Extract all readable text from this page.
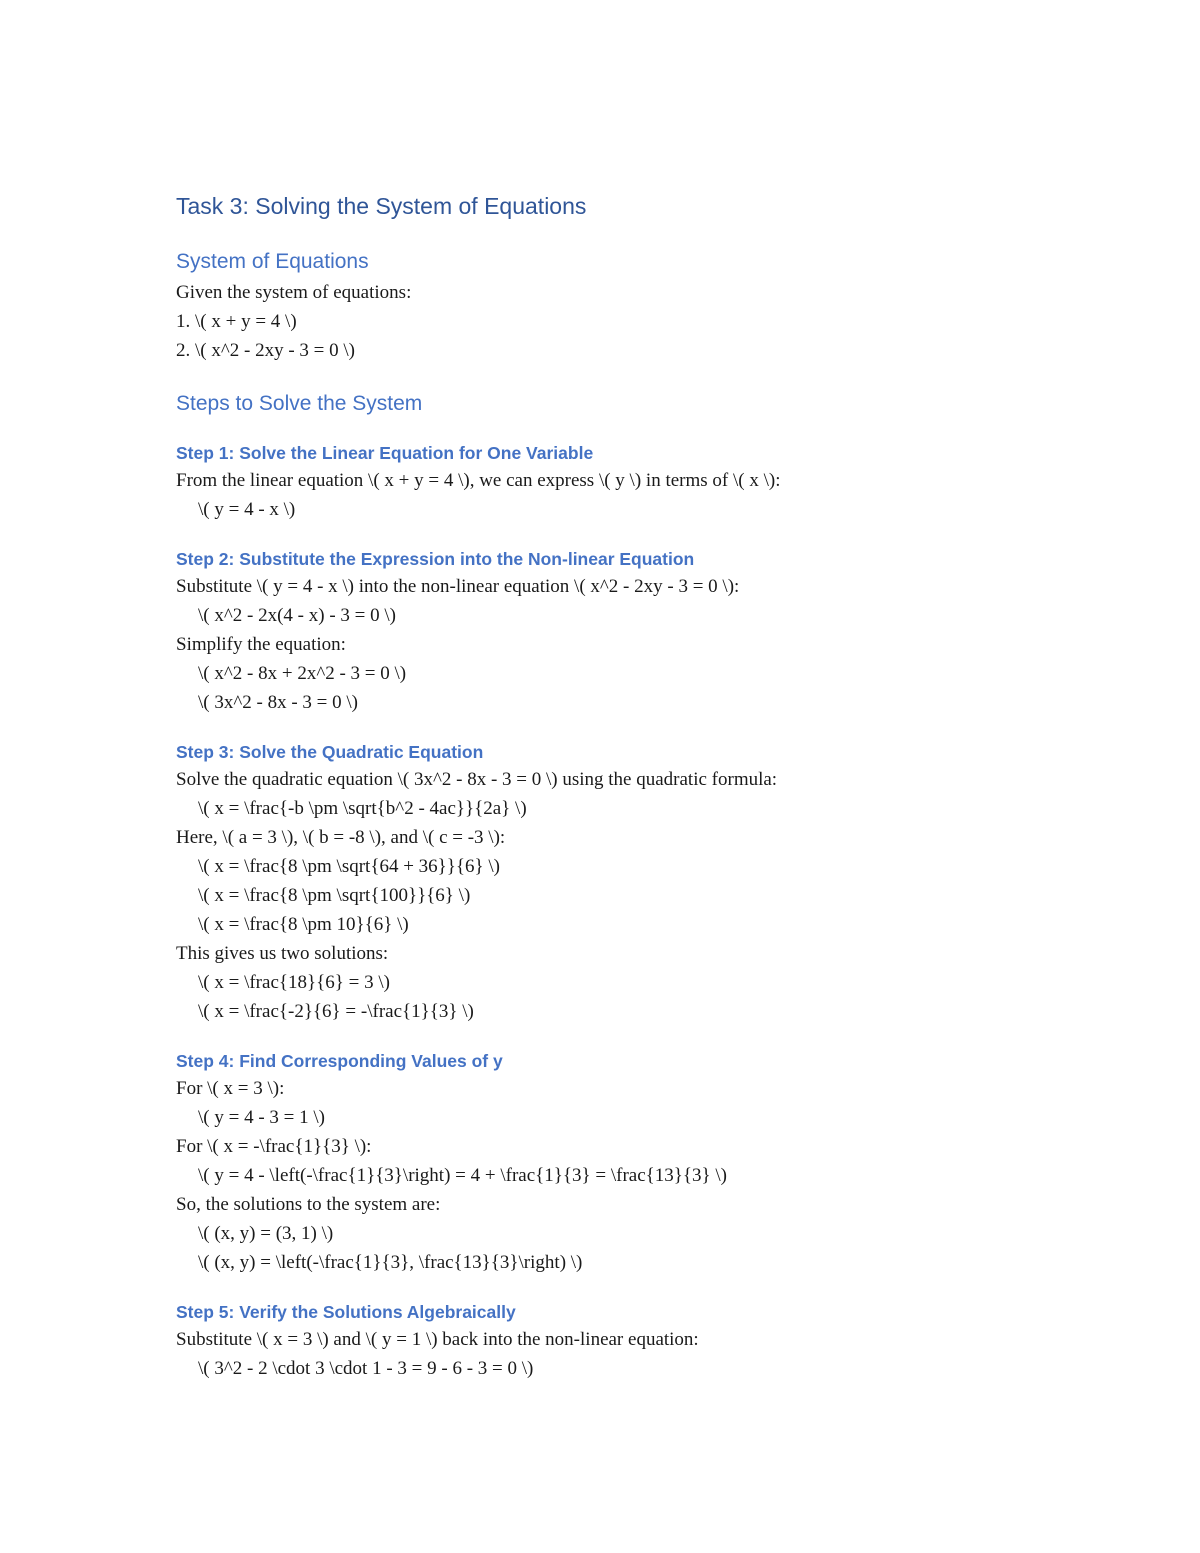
Task 3: Solving the System of Equations
System of Equations

Given the system of equations:

1. \( x + y = 4 \)

2. \( x^2 - 2xy - 3 = 0 \)

Steps to Solve the System
Step 1: Solve the Linear Equation for One Variable

From the linear equation \( x + y = 4 \), we can express \( y \) in terms of \( x \):

\( y = 4 - x \)

Step 2: Substitute the Expression into the Non-linear Equation

Substitute \( y = 4 - x \) into the non-linear equation \( x^2 - 2xy - 3 = 0 \):

\( x^2 - 2x(4 - x) - 3 = 0 \)

Simplify the equation:

\( x^2 - 8x + 2x^2 - 3 = 0 \)

\( 3x^2 - 8x - 3 = 0 \)

Step 3: Solve the Quadratic Equation

Solve the quadratic equation \( 3x^2 - 8x - 3 = 0 \) using the quadratic formula:

\( x = \frac{-b \pm \sqrt{b^2 - 4ac}}{2a} \)

Here, \( a = 3 \), \( b = -8 \), and \( c = -3 \):

\( x = \frac{8 \pm \sqrt{64 + 36}}{6} \)

\( x = \frac{8 \pm \sqrt{100}}{6} \)

\( x = \frac{8 \pm 10}{6} \)

This gives us two solutions:

\( x = \frac{18}{6} = 3 \)

\( x = \frac{-2}{6} = -\frac{1}{3} \)

Step 4: Find Corresponding Values of y

For \( x = 3 \):

\( y = 4 - 3 = 1 \)

For \( x = -\frac{1}{3} \):

\( y = 4 - \left(-\frac{1}{3}\right) = 4 + \frac{1}{3} = \frac{13}{3} \)

So, the solutions to the system are:

\( (x, y) = (3, 1) \)

\( (x, y) = \left(-\frac{1}{3}, \frac{13}{3}\right) \)

Step 5: Verify the Solutions Algebraically

Substitute \( x = 3 \) and \( y = 1 \) back into the non-linear equation:

\( 3^2 - 2 \cdot 3 \cdot 1 - 3 = 9 - 6 - 3 = 0 \)
